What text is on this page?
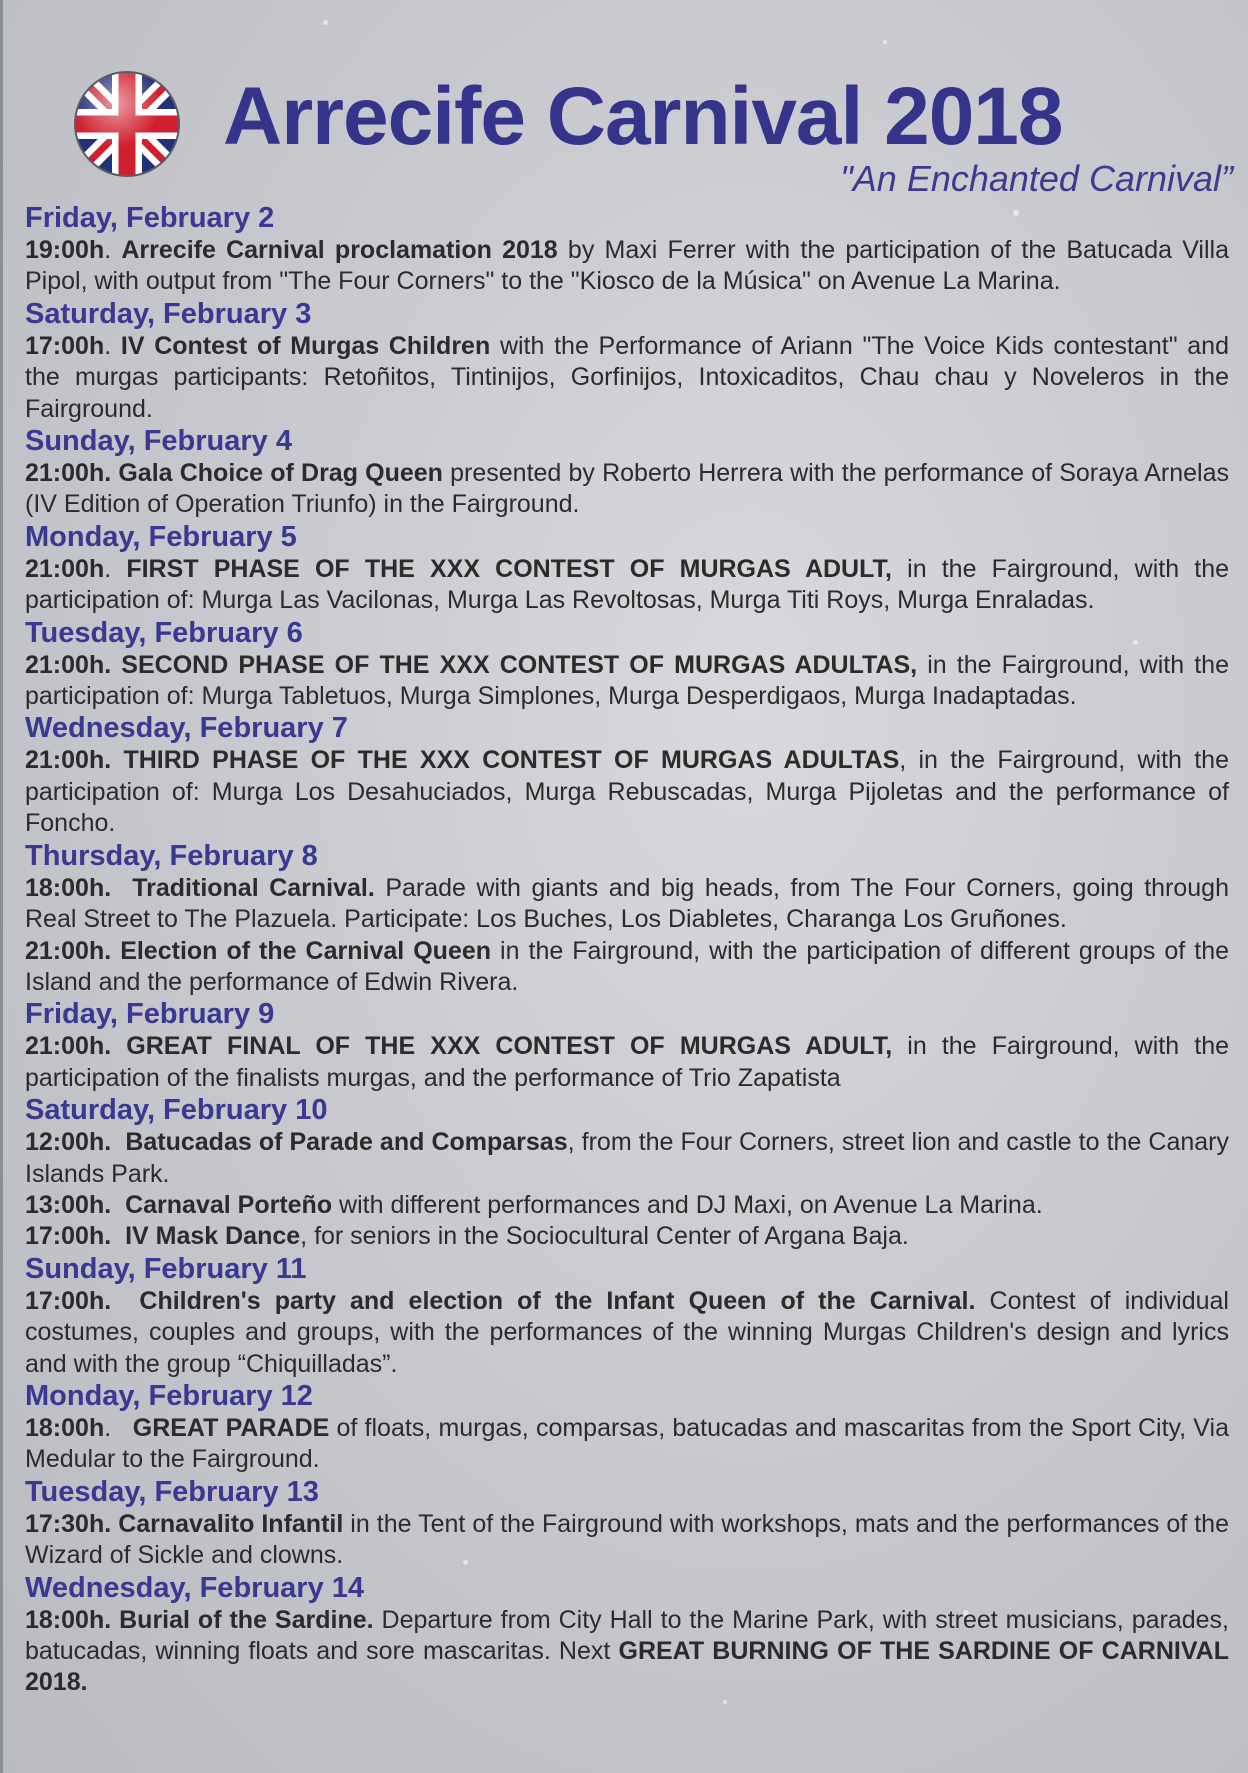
Arrecife Carnival 2018

"An Enchanted Carnival”

Friday, February 2

19:00h. Arrecife Carnival proclamation 2018 by Maxi Ferrer with the participation of the Batucada Villa Pipol, with output from "The Four Corners" to the "Kiosco de la Música" on Avenue La Marina.

Saturday, February 3

17:00h. IV Contest of Murgas Children with the Performance of Ariann "The Voice Kids contestant" and the murgas participants: Retoñitos, Tintinijos, Gorfinijos, Intoxicaditos, Chau chau y Noveleros in the Fairground.

Sunday, February 4

21:00h. Gala Choice of Drag Queen presented by Roberto Herrera with the performance of Soraya Arnelas (IV Edition of Operation Triunfo) in the Fairground.

Monday, February 5

21:00h. FIRST PHASE OF THE XXX CONTEST OF MURGAS ADULT, in the Fairground, with the participation of: Murga Las Vacilonas, Murga Las Revoltosas, Murga Titi Roys, Murga Enraladas.

Tuesday, February 6

21:00h. SECOND PHASE OF THE XXX CONTEST OF MURGAS ADULTAS, in the Fairground, with the participation of: Murga Tabletuos, Murga Simplones, Murga Desperdigaos, Murga Inadaptadas.

Wednesday, February 7

21:00h. THIRD PHASE OF THE XXX CONTEST OF MURGAS ADULTAS, in the Fairground, with the participation of: Murga Los Desahuciados, Murga Rebuscadas, Murga Pijoletas and the performance of Foncho.

Thursday, February 8

18:00h. Traditional Carnival. Parade with giants and big heads, from The Four Corners, going through Real Street to The Plazuela. Participate: Los Buches, Los Diabletes, Charanga Los Gruñones.

21:00h. Election of the Carnival Queen in the Fairground, with the participation of different groups of the Island and the performance of Edwin Rivera.

Friday, February 9

21:00h. GREAT FINAL OF THE XXX CONTEST OF MURGAS ADULT, in the Fairground, with the participation of the finalists murgas, and the performance of Trio Zapatista

Saturday, February 10

12:00h. Batucadas of Parade and Comparsas, from the Four Corners, street lion and castle to the Canary Islands Park.

13:00h. Carnaval Porteño with different performances and DJ Maxi, on Avenue La Marina.

17:00h. IV Mask Dance, for seniors in the Sociocultural Center of Argana Baja.

Sunday, February 11

17:00h. Children's party and election of the Infant Queen of the Carnival. Contest of individual costumes, couples and groups, with the performances of the winning Murgas Children's design and lyrics and with the group “Chiquilladas”.

Monday, February 12

18:00h.   GREAT PARADE of floats, murgas, comparsas, batucadas and mascaritas from the Sport City, Via Medular to the Fairground.

Tuesday, February 13

17:30h. Carnavalito Infantil in the Tent of the Fairground with workshops, mats and the performances of the Wizard of Sickle and clowns.

Wednesday, February 14

18:00h. Burial of the Sardine. Departure from City Hall to the Marine Park, with street musicians, parades, batucadas, winning floats and sore mascaritas. Next GREAT BURNING OF THE SARDINE OF CARNIVAL 2018.
